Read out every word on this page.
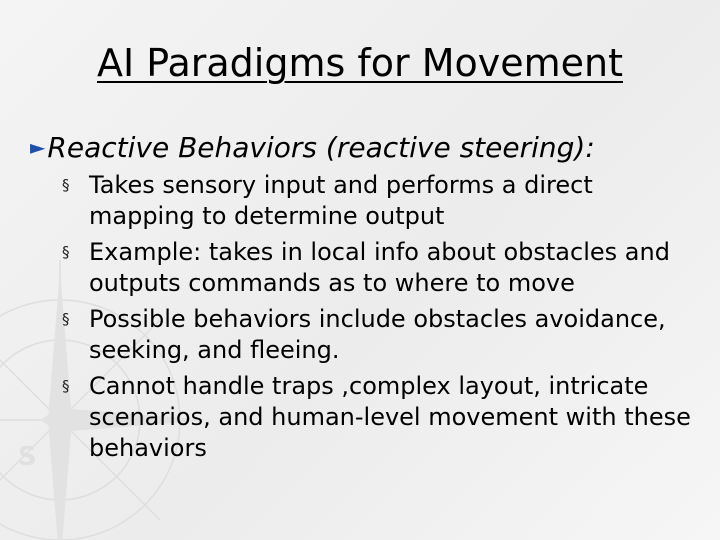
S
AI Paradigms for Movement
►Reactive Behaviors (reactive steering):
§ Takes sensory input and performs a direct mapping to determine output
§ Example: takes in local info about obstacles and outputs commands as to where to move
§ Possible behaviors include obstacles avoidance, seeking, and fleeing.
§ Cannot handle traps ,complex layout, intricate scenarios, and human-level movement with these behaviors
